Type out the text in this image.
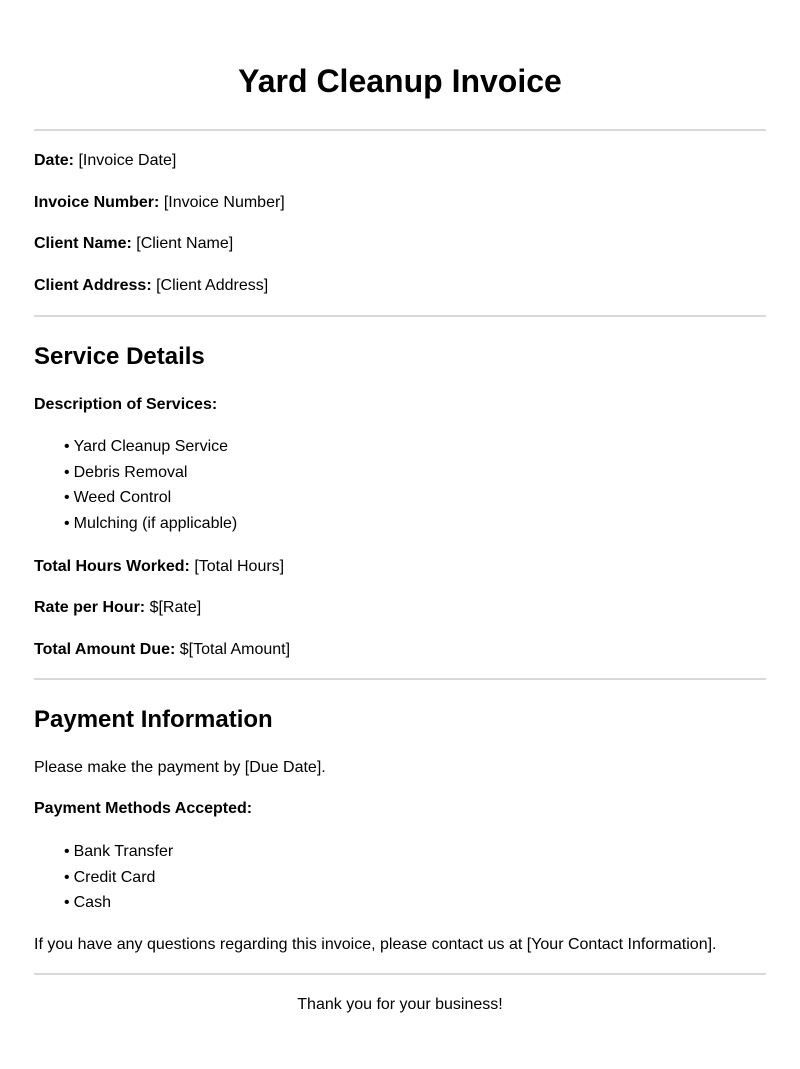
Yard Cleanup Invoice

Date: [Invoice Date]

Invoice Number: [Invoice Number]

Client Name: [Client Name]

Client Address: [Client Address]

Service Details

Description of Services:

• Yard Cleanup Service
• Debris Removal
• Weed Control
• Mulching (if applicable)

Total Hours Worked: [Total Hours]

Rate per Hour: $[Rate]

Total Amount Due: $[Total Amount]

Payment Information

Please make the payment by [Due Date].

Payment Methods Accepted:

• Bank Transfer
• Credit Card
• Cash

If you have any questions regarding this invoice, please contact us at [Your Contact Information].

Thank you for your business!
